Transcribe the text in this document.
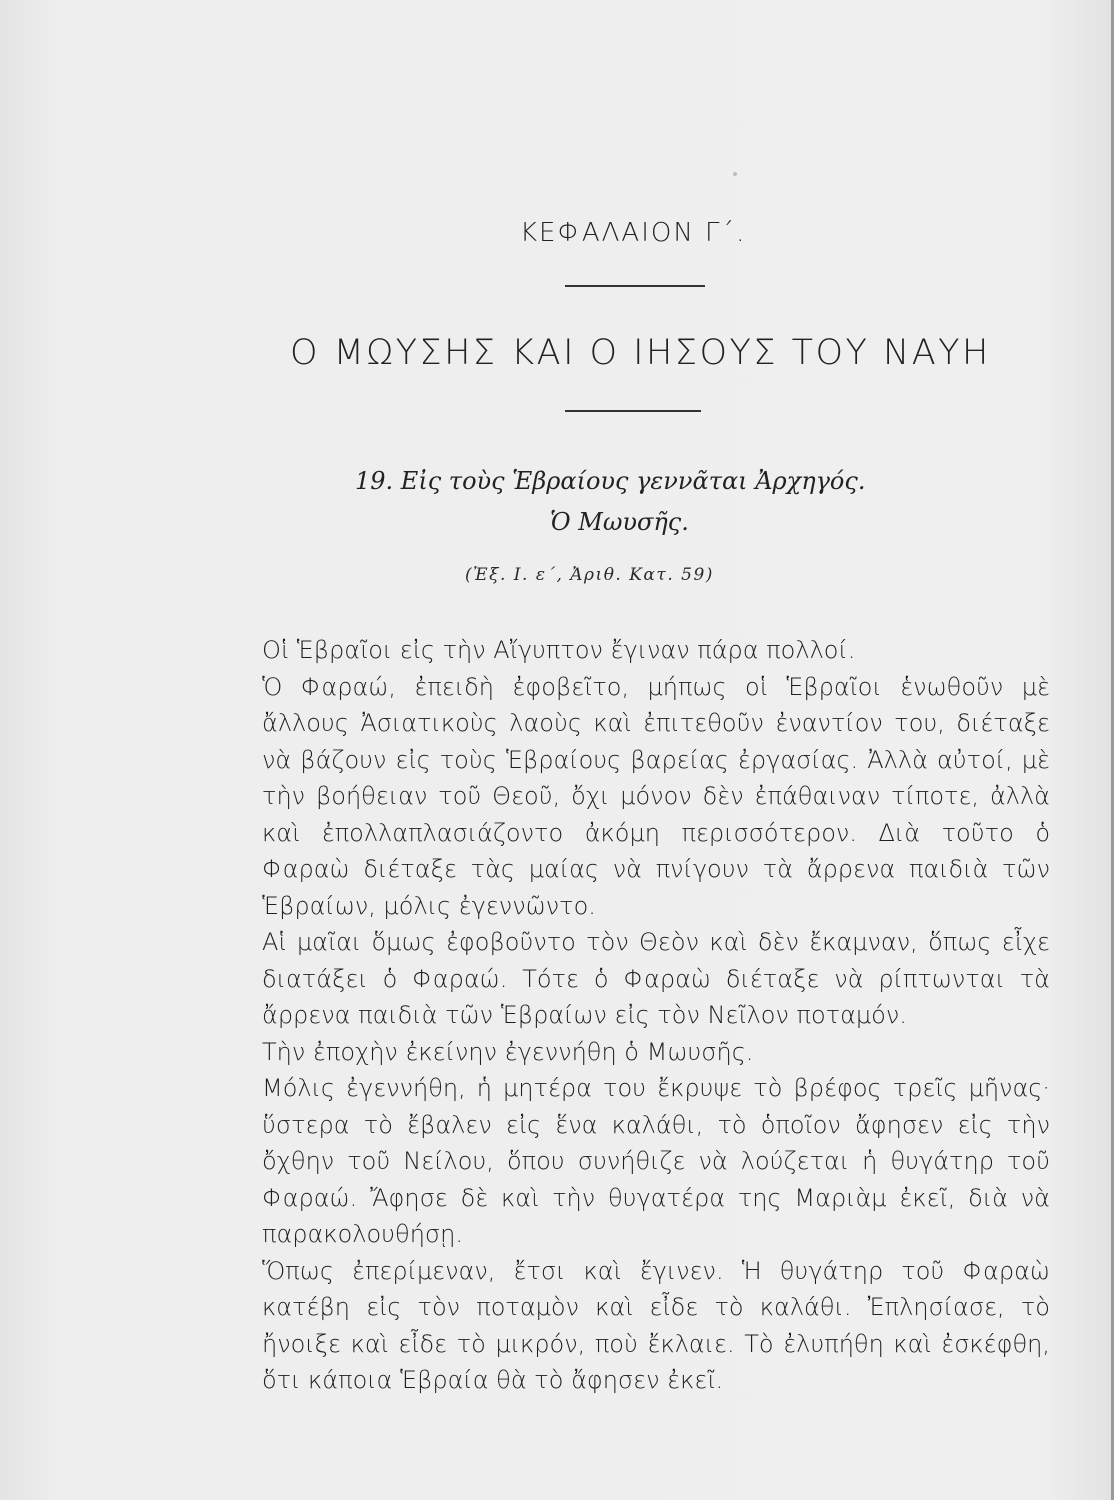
ΚΕΦΑΛΑΙΟΝ Γ΄.
Ο ΜΩΥΣΗΣ ΚΑΙ Ο ΙΗΣΟΥΣ ΤΟΥ ΝΑΥΗ
19. Εἰς τοὺς Ἑβραίους γεννᾶται Ἀρχηγός.
Ὁ Μωυσῆς.
(Ἐξ. Ι. ε΄, Ἀριθ. Κατ. 59)

Οἱ Ἑβραῖοι εἰς τὴν Αἴγυπτον ἔγιναν πάρα πολλοί.

Ὁ Φαραώ, ἐπειδὴ ἐφοβεῖτο, μήπως οἱ Ἑβραῖοι ἑνωθοῦν μὲ ἄλλους Ἀσιατικοὺς λαοὺς καὶ ἐπιτεθοῦν ἐναντίον του, διέταξε νὰ βάζουν εἰς τοὺς Ἑβραίους βαρείας ἐργασίας. Ἀλλὰ αὐτοί, μὲ τὴν βοήθειαν τοῦ Θεοῦ, ὄχι μόνον δὲν ἐπάθαιναν τίποτε, ἀλλὰ καὶ ἐπολλαπλασιάζοντο ἀκόμη περισσότερον. Διὰ τοῦτο ὁ Φαραὼ διέταξε τὰς μαίας νὰ πνίγουν τὰ ἄρρενα παιδιὰ τῶν Ἑβραίων, μόλις ἐγεννῶντο.

Αἱ μαῖαι ὅμως ἐφοβοῦντο τὸν Θεὸν καὶ δὲν ἔκαμναν, ὅπως εἶχε διατάξει ὁ Φαραώ. Τότε ὁ Φαραὼ διέταξε νὰ ρίπτωνται τὰ ἄρρενα παιδιὰ τῶν Ἑβραίων εἰς τὸν Νεῖλον ποταμόν.

Τὴν ἐποχὴν ἐκείνην ἐγεννήθη ὁ Μωυσῆς.

Μόλις ἐγεννήθη, ἡ μητέρα του ἔκρυψε τὸ βρέφος τρεῖς μῆνας· ὕστερα τὸ ἔβαλεν εἰς ἕνα καλάθι, τὸ ὁποῖον ἄφησεν εἰς τὴν ὄχθην τοῦ Νείλου, ὅπου συνήθιζε νὰ λούζεται ἡ θυγάτηρ τοῦ Φαραώ. Ἄφησε δὲ καὶ τὴν θυγατέρα της Μαριὰμ ἐκεῖ, διὰ νὰ παρακολουθήσῃ.

Ὅπως ἐπερίμεναν, ἔτσι καὶ ἔγινεν. Ἡ θυγάτηρ τοῦ Φαραὼ κατέβη εἰς τὸν ποταμὸν καὶ εἶδε τὸ καλάθι. Ἐπλησίασε, τὸ ἤνοιξε καὶ εἶδε τὸ μικρόν, ποὺ ἔκλαιε. Τὸ ἐλυπήθη καὶ ἐσκέφθη, ὅτι κάποια Ἑβραία θὰ τὸ ἄφησεν ἐκεῖ.
